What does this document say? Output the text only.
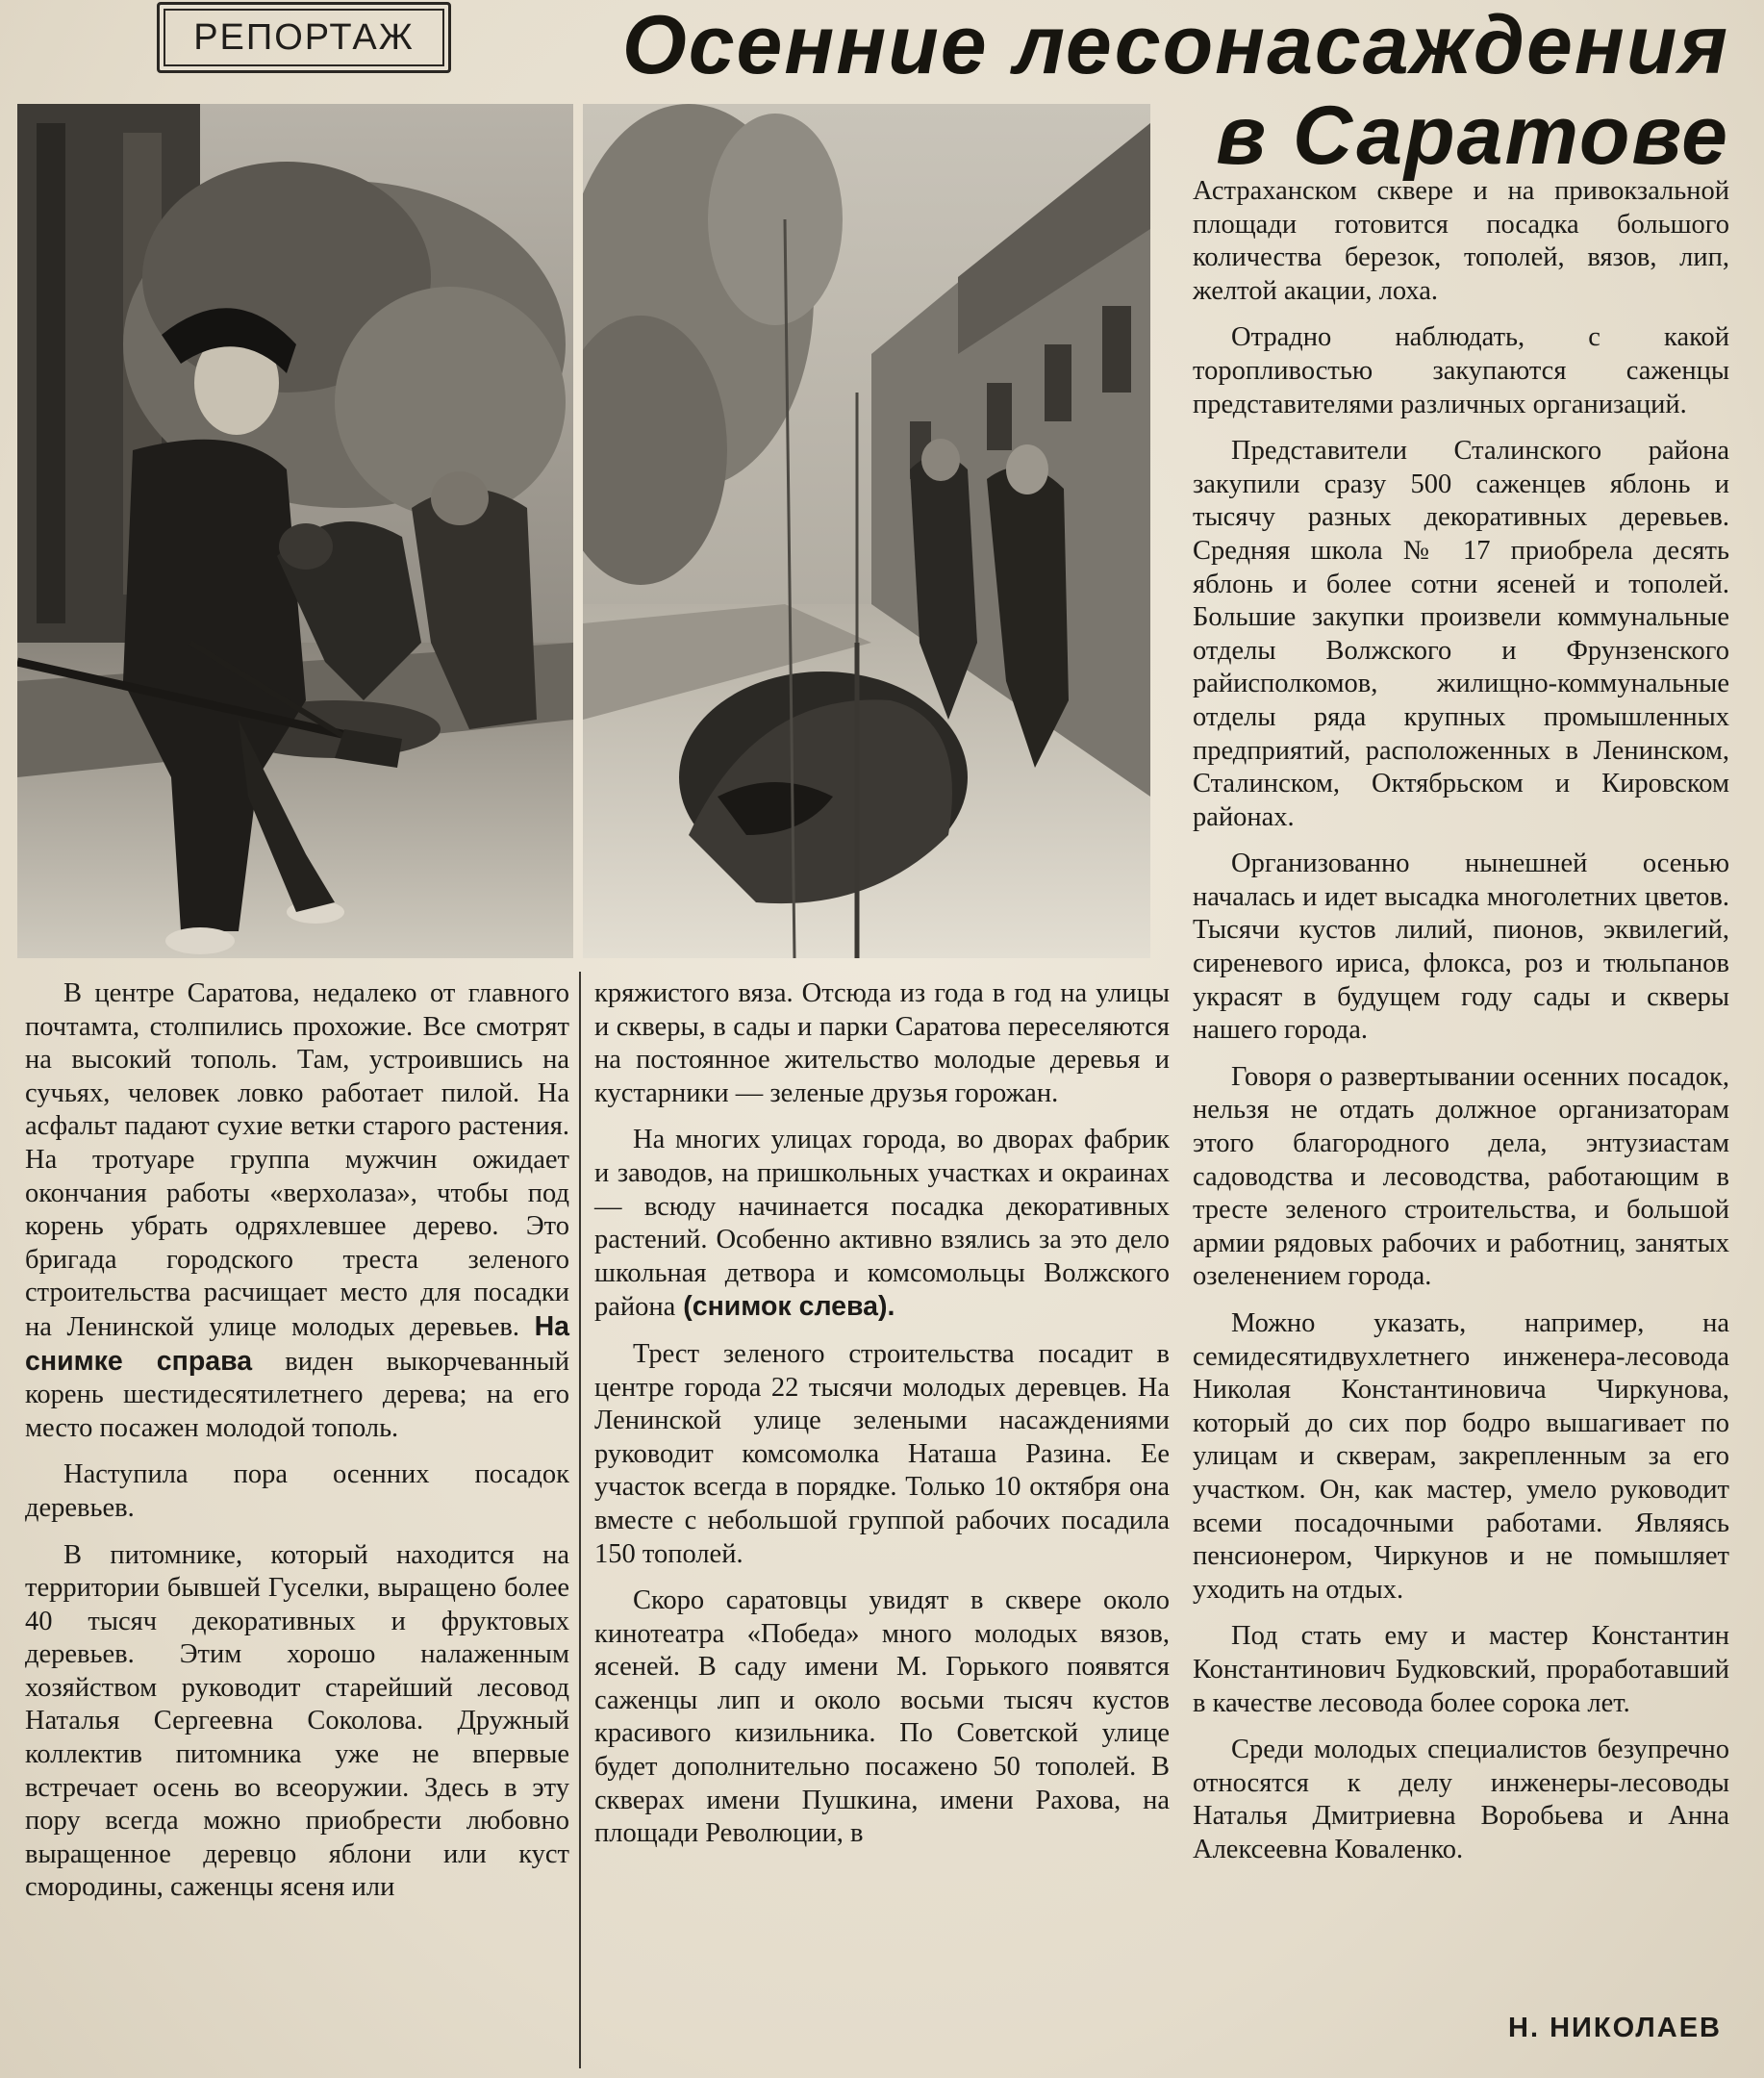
РЕПОРТАЖ	Осенние лесонасаждения
в Саратове

В центре Саратова, недалеко от главного почтамта, столпились прохожие. Все смотрят на высокий тополь. Там, устроившись на сучьях, человек ловко работает пилой. На асфальт падают сухие ветки старого растения. На тротуаре группа мужчин ожидает окончания работы «верхолаза», чтобы под корень убрать одряхлевшее дерево. Это бригада городского треста зеленого строительства расчищает место для посадки на Ленинской улице молодых деревьев. На снимке справа виден выкорчеванный корень шестидесятилетнего дерева; на его место посажен молодой тополь.

Наступила пора осенних посадок деревьев.

В питомнике, который находится на территории бывшей Гуселки, выращено более 40 тысяч декоративных и фруктовых деревьев. Этим хорошо налаженным хозяйством руководит старейший лесовод Наталья Сергеевна Соколова. Дружный коллектив питомника уже не впервые встречает осень во всеоружии. Здесь в эту пору всегда можно приобрести любовно выращенное деревцо яблони или куст смородины, саженцы ясеня или

кряжистого вяза. Отсюда из года в год на улицы и скверы, в сады и парки Саратова переселяются на постоянное жительство молодые деревья и кустарники — зеленые друзья горожан.

На многих улицах города, во дворах фабрик и заводов, на пришкольных участках и окраинах — всюду начинается посадка декоративных растений. Особенно активно взялись за это дело школьная детвора и комсомольцы Волжского района (снимок слева).

Трест зеленого строительства посадит в центре города 22 тысячи молодых деревцев. На Ленинской улице зелеными насаждениями руководит комсомолка Наташа Разина. Ее участок всегда в порядке. Только 10 октября она вместе с небольшой группой рабочих посадила 150 тополей.

Скоро саратовцы увидят в сквере около кинотеатра «Победа» много молодых вязов, ясеней. В саду имени М. Горького появятся саженцы лип и около восьми тысяч кустов красивого кизильника. По Советской улице будет дополнительно посажено 50 тополей. В скверах имени Пушкина, имени Рахова, на площади Революции, в

Астраханском сквере и на привокзальной площади готовится посадка большого количества березок, тополей, вязов, лип, желтой акации, лоха.

Отрадно наблюдать, с какой торопливостью закупаются саженцы представителями различных организаций.

Представители Сталинского района закупили сразу 500 саженцев яблонь и тысячу разных декоративных деревьев. Средняя школа № 17 приобрела десять яблонь и более сотни ясеней и тополей. Большие закупки произвели коммунальные отделы Волжского и Фрунзенского райисполкомов, жилищно-коммунальные отделы ряда крупных промышленных предприятий, расположенных в Ленинском, Сталинском, Октябрьском и Кировском районах.

Организованно нынешней осенью началась и идет высадка многолетних цветов. Тысячи кустов лилий, пионов, эквилегий, сиреневого ириса, флокса, роз и тюльпанов украсят в будущем году сады и скверы нашего города.

Говоря о развертывании осенних посадок, нельзя не отдать должное организаторам этого благородного дела, энтузиастам садоводства и лесоводства, работающим в тресте зеленого строительства, и большой армии рядовых рабочих и работниц, занятых озеленением города.

Можно указать, например, на семидесятидвухлетнего инженера-лесовода Николая Константиновича Чиркунова, который до сих пор бодро вышагивает по улицам и скверам, закрепленным за его участком. Он, как мастер, умело руководит всеми посадочными работами. Являясь пенсионером, Чиркунов и не помышляет уходить на отдых.

Под стать ему и мастер Константин Константинович Будковский, проработавший в качестве лесовода более сорока лет.

Среди молодых специалистов безупречно относятся к делу инженеры-лесоводы Наталья Дмитриевна Воробьева и Анна Алексеевна Коваленко.

Н. НИКОЛАЕВ
